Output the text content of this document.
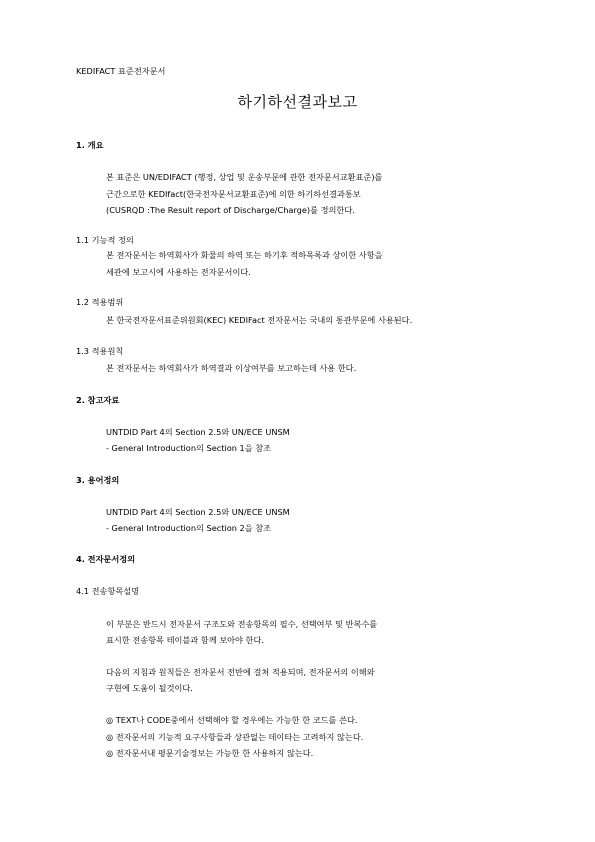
KEDIFACT 표준전자문서
하기하선결과보고
1. 개요
본 표준은 UN/EDIFACT (행정, 상업 및 운송부문에 관한 전자문서교환표준)를
근간으로한 KEDIfact(한국전자문서교환표준)에 의한 하기하선결과통보
(CUSRQD :The Result report of Discharge/Charge)를 정의한다.
1.1 기능적 정의
본 전자문서는 하역회사가 화물의 하역 또는 하기후 적하목록과 상이한 사항을
세관에 보고시에 사용하는 전자문서이다.
1.2 적용범위
본 한국전자문서표준위원회(KEC) KEDIFact 전자문서는 국내의 통관부문에 사용된다.
1.3 적용원칙
본 전자문서는 하역회사가 하역결과 이상여부를 보고하는데 사용 한다.
2. 참고자료
UNTDID Part 4의 Section 2.5와 UN/ECE UNSM
- General Introduction의 Section 1을 참조
3. 용어정의
UNTDID Part 4의 Section 2.5와 UN/ECE UNSM
- General Introduction의 Section 2을 참조
4. 전자문서정의
4.1 전송항목설명
이 부분은 반드시 전자문서 구조도와 전송항목의 필수, 선택여부 및 반복수를
표시한 전송항목 테이블과 함께 보아야 한다.
다음의 지침과 원칙들은 전자문서 전반에 걸쳐 적용되며, 전자문서의 이해와
구현에 도움이 될것이다.
◎ TEXT나 CODE중에서 선택해야 할 경우에는 가능한 한 코드를 쓴다.
◎ 전자문서의 기능적 요구사항들과 상관없는 데이타는 고려하지 않는다.
◎ 전자문서내 평문기술정보는 가능한 한 사용하지 않는다.
